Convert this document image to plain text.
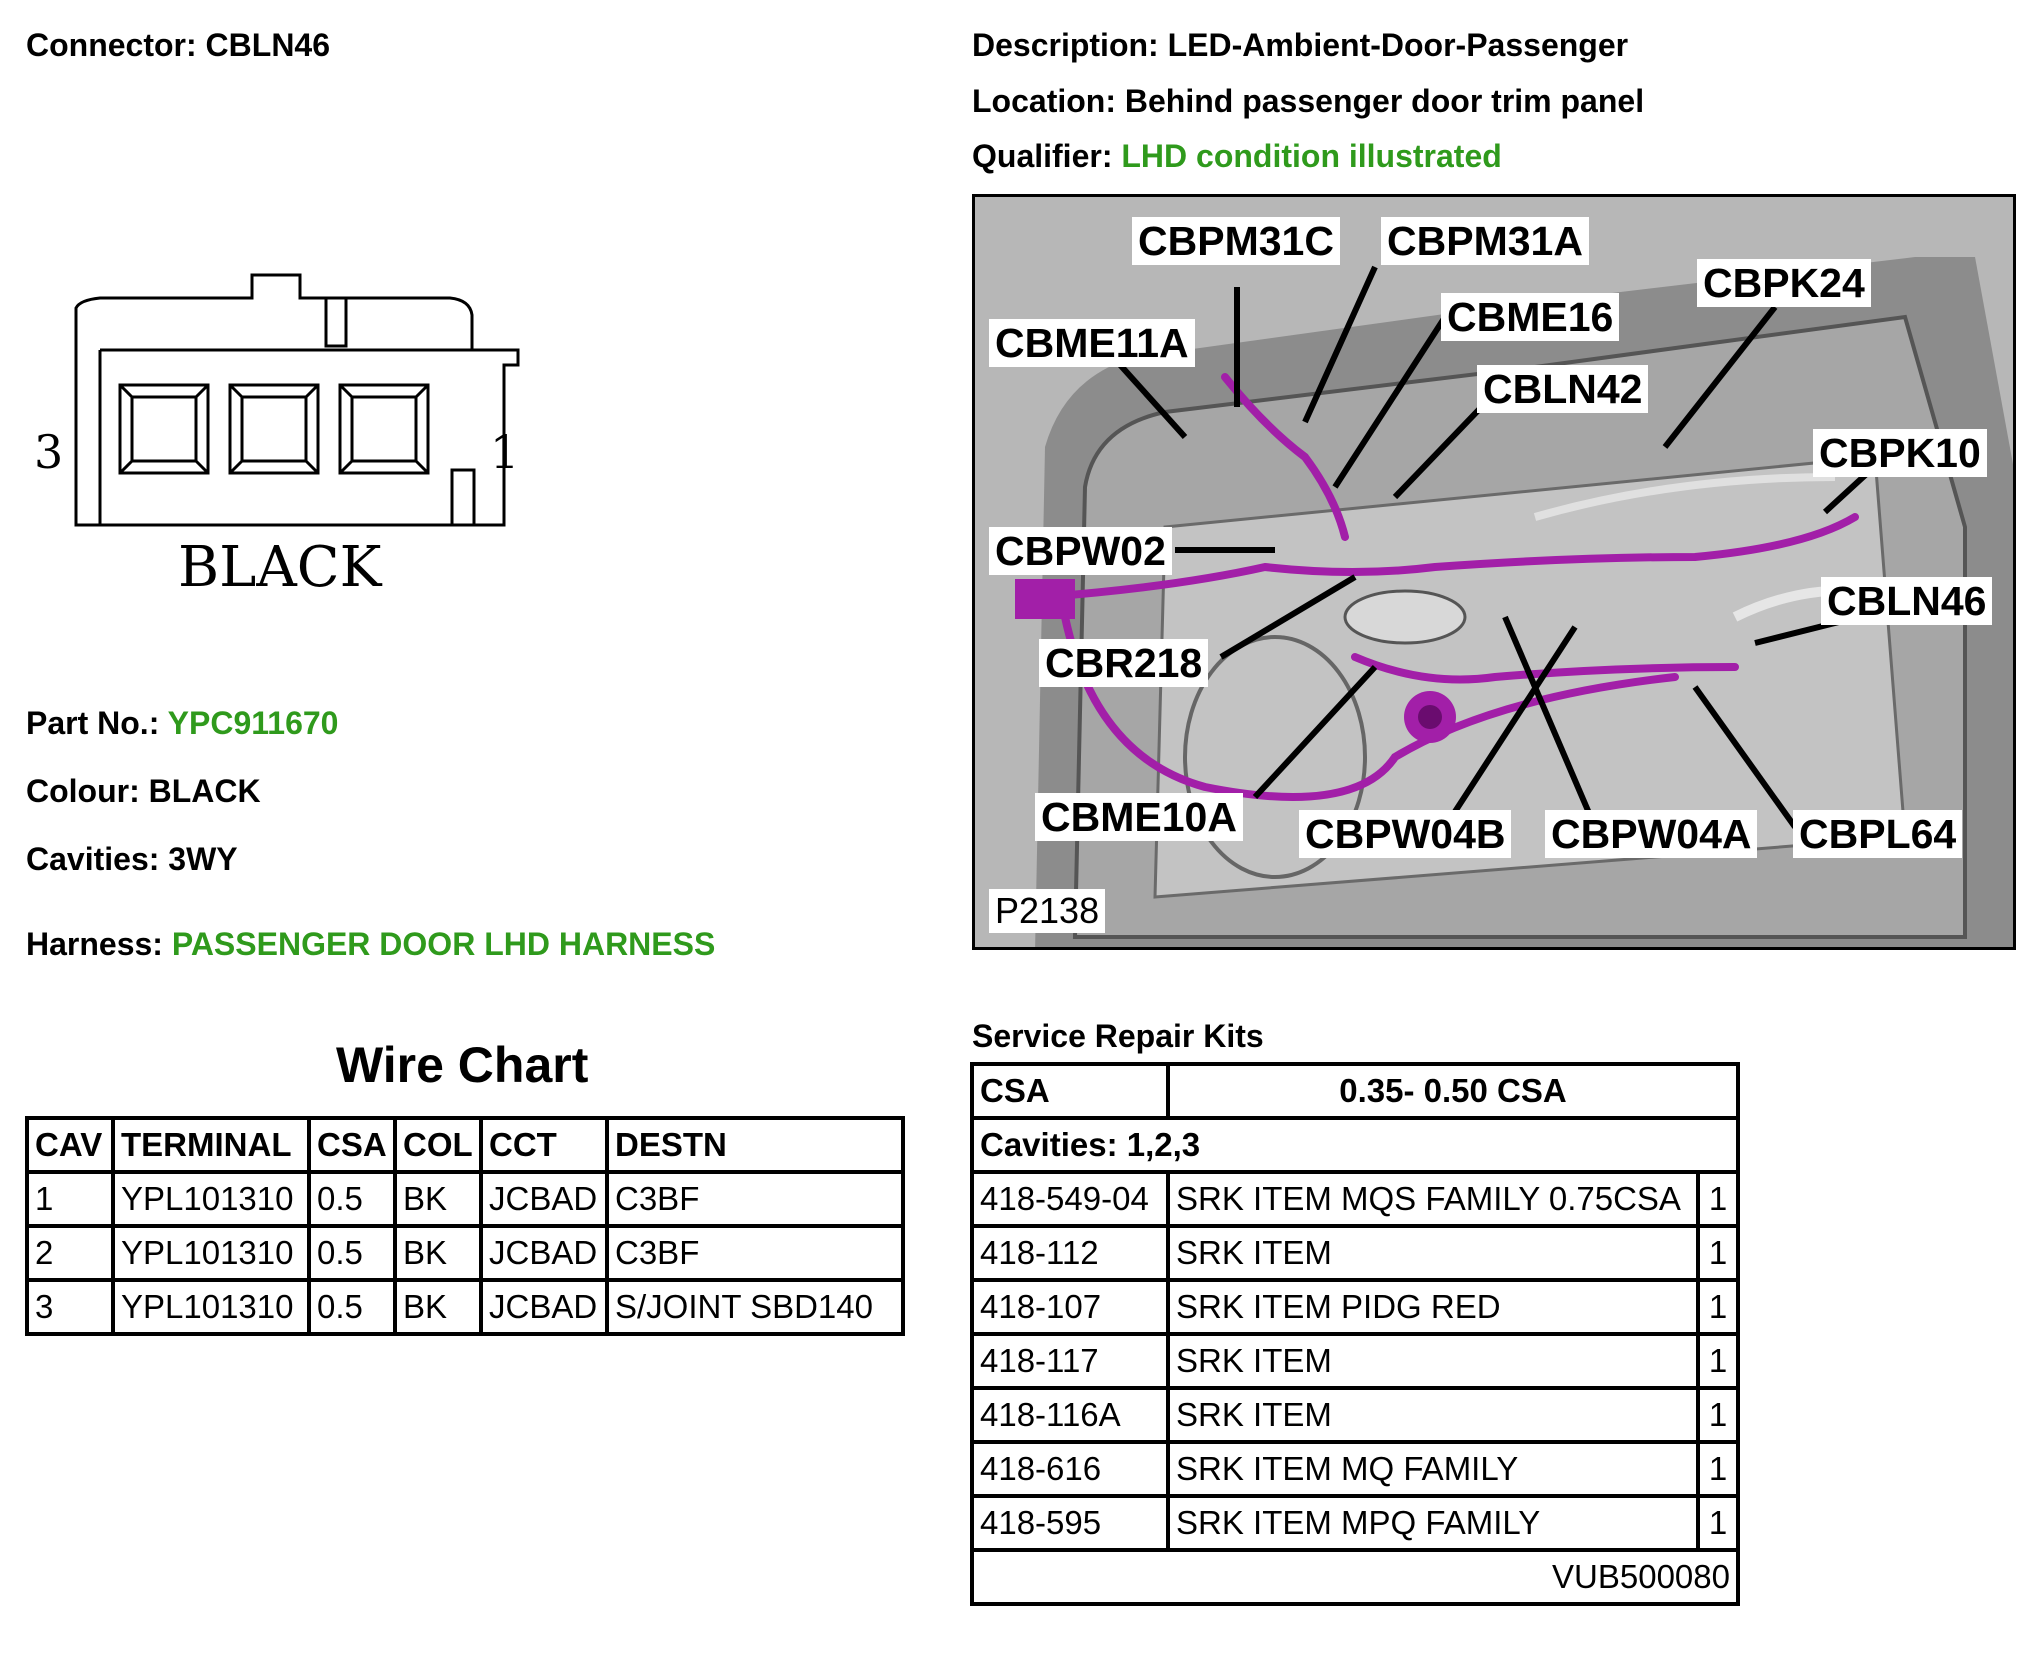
Connector: CBLN46	Description: LED-Ambient-Door-Passenger
Location: Behind passenger door trim panel
Qualifier: LHD condition illustrated
3	1
BLACK
Part No.: YPC911670
Colour: BLACK
Cavities: 3WY
Harness: PASSENGER DOOR LHD HARNESS
Wire Chart
CAV	TERMINAL	CSA	COL	CCT	DESTN
1	YPL101310	0.5	BK	JCBAD	C3BF
2	YPL101310	0.5	BK	JCBAD	C3BF
3	YPL101310	0.5	BK	JCBAD	S/JOINT SBD140
CBPM31C CBPM31A
CBME11A
CBME16
CBPK24
CBLN42
CBPK10
CBPW02
CBLN46
CBR218
CBME10A CBPW04B CBPW04A CBPL64
P2138
Service Repair Kits
CSA	0.35- 0.50 CSA	
Cavities: 1,2,3		
418-549-04	SRK ITEM MQS FAMILY 0.75CSA	1
418-112	SRK ITEM	1
418-107	SRK ITEM PIDG RED	1
418-117	SRK ITEM	1
418-116A	SRK ITEM	1
418-616	SRK ITEM MQ FAMILY	1
418-595	SRK ITEM MPQ FAMILY	1
VUB500080		
